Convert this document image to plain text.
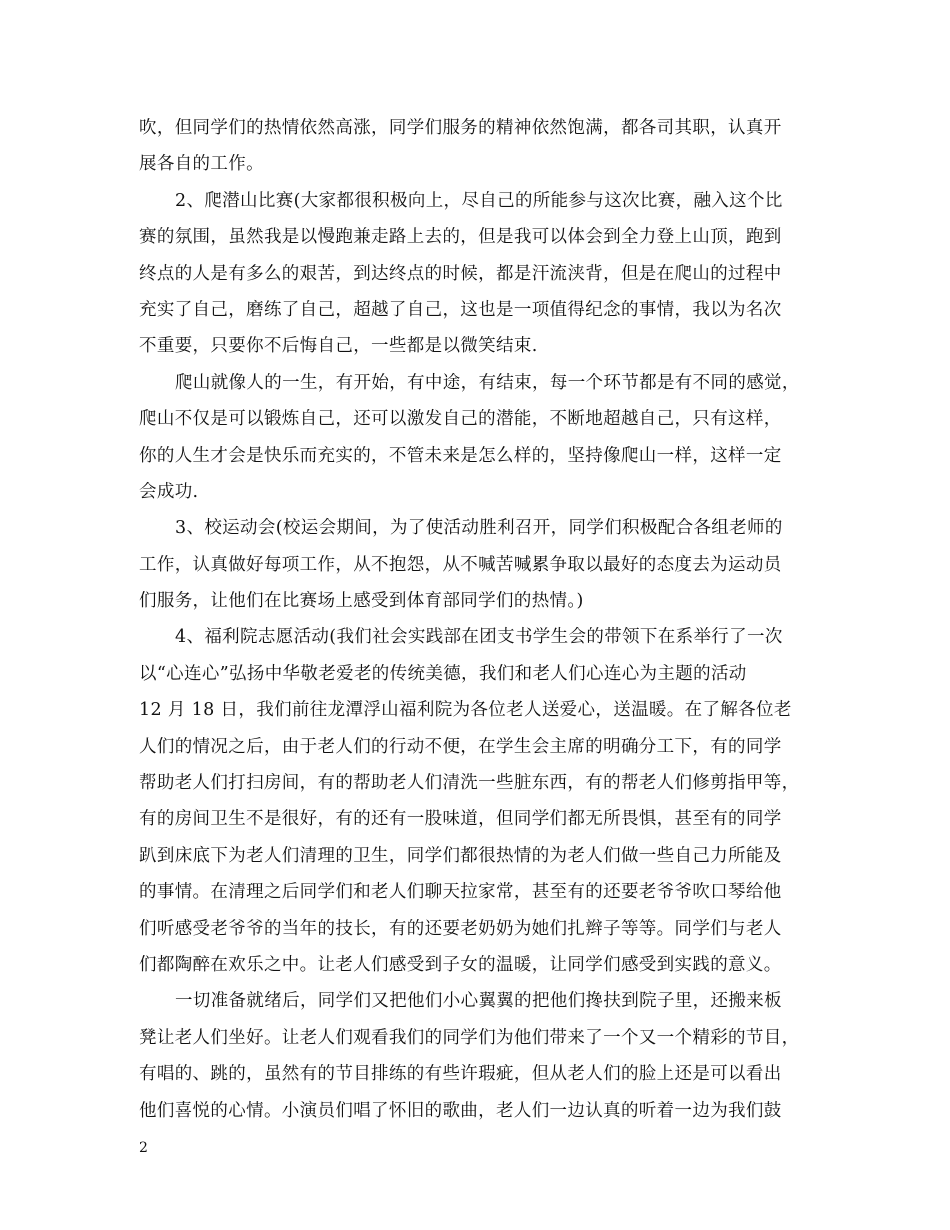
吹，但同学们的热情依然高涨，同学们服务的精神依然饱满，都各司其职，认真开
展各自的工作。
2、爬潜山比赛(大家都很积极向上，尽自己的所能参与这次比赛，融入这个比
赛的氛围，虽然我是以慢跑兼走路上去的，但是我可以体会到全力登上山顶，跑到
终点的人是有多么的艰苦，到达终点的时候，都是汗流浃背，但是在爬山的过程中
充实了自己，磨练了自己，超越了自己，这也是一项值得纪念的事情，我以为名次
不重要，只要你不后悔自己，一些都是以微笑结束.
爬山就像人的一生，有开始，有中途，有结束，每一个环节都是有不同的感觉，
爬山不仅是可以锻炼自己，还可以激发自己的潜能，不断地超越自己，只有这样，
你的人生才会是快乐而充实的，不管未来是怎么样的，坚持像爬山一样，这样一定
会成功.
3、校运动会(校运会期间，为了使活动胜利召开，同学们积极配合各组老师的
工作，认真做好每项工作，从不抱怨，从不喊苦喊累争取以最好的态度去为运动员
们服务，让他们在比赛场上感受到体育部同学们的热情。)
4、福利院志愿活动(我们社会实践部在团支书学生会的带领下在系举行了一次
以“心连心”弘扬中华敬老爱老的传统美德，我们和老人们心连心为主题的活动
12 月 18 日，我们前往龙潭浮山福利院为各位老人送爱心，送温暖。在了解各位老
人们的情况之后，由于老人们的行动不便，在学生会主席的明确分工下，有的同学
帮助老人们打扫房间，有的帮助老人们清洗一些脏东西，有的帮老人们修剪指甲等，
有的房间卫生不是很好，有的还有一股味道，但同学们都无所畏惧，甚至有的同学
趴到床底下为老人们清理的卫生，同学们都很热情的为老人们做一些自己力所能及
的事情。在清理之后同学们和老人们聊天拉家常，甚至有的还要老爷爷吹口琴给他
们听感受老爷爷的当年的技长，有的还要老奶奶为她们扎辫子等等。同学们与老人
们都陶醉在欢乐之中。让老人们感受到子女的温暖，让同学们感受到实践的意义。
一切准备就绪后，同学们又把他们小心翼翼的把他们搀扶到院子里，还搬来板
凳让老人们坐好。让老人们观看我们的同学们为他们带来了一个又一个精彩的节目，
有唱的、跳的，虽然有的节目排练的有些许瑕疵，但从老人们的脸上还是可以看出
他们喜悦的心情。小演员们唱了怀旧的歌曲，老人们一边认真的听着一边为我们鼓
2
